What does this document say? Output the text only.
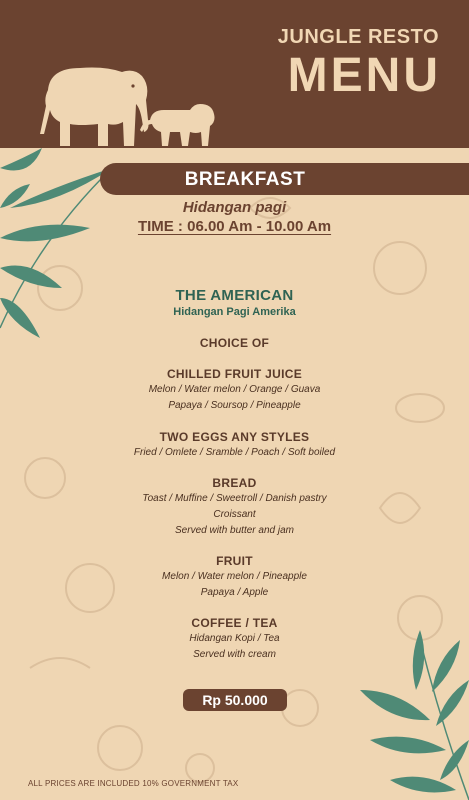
JUNGLE RESTO
MENU
BREAKFAST
Hidangan pagi
TIME : 06.00 Am - 10.00 Am
THE AMERICAN
Hidangan Pagi Amerika
CHOICE OF
CHILLED FRUIT JUICE
Melon / Water melon / Orange / Guava
Papaya / Soursop / Pineapple
TWO EGGS ANY STYLES
Fried / Omlete / Sramble / Poach / Soft boiled
BREAD
Toast / Muffine / Sweetroll / Danish pastry
Croissant
Served with butter and jam
FRUIT
Melon / Water melon / Pineapple
Papaya / Apple
COFFEE / TEA
Hidangan Kopi / Tea
Served with cream
Rp 50.000
ALL PRICES ARE INCLUDED 10% GOVERNMENT TAX
